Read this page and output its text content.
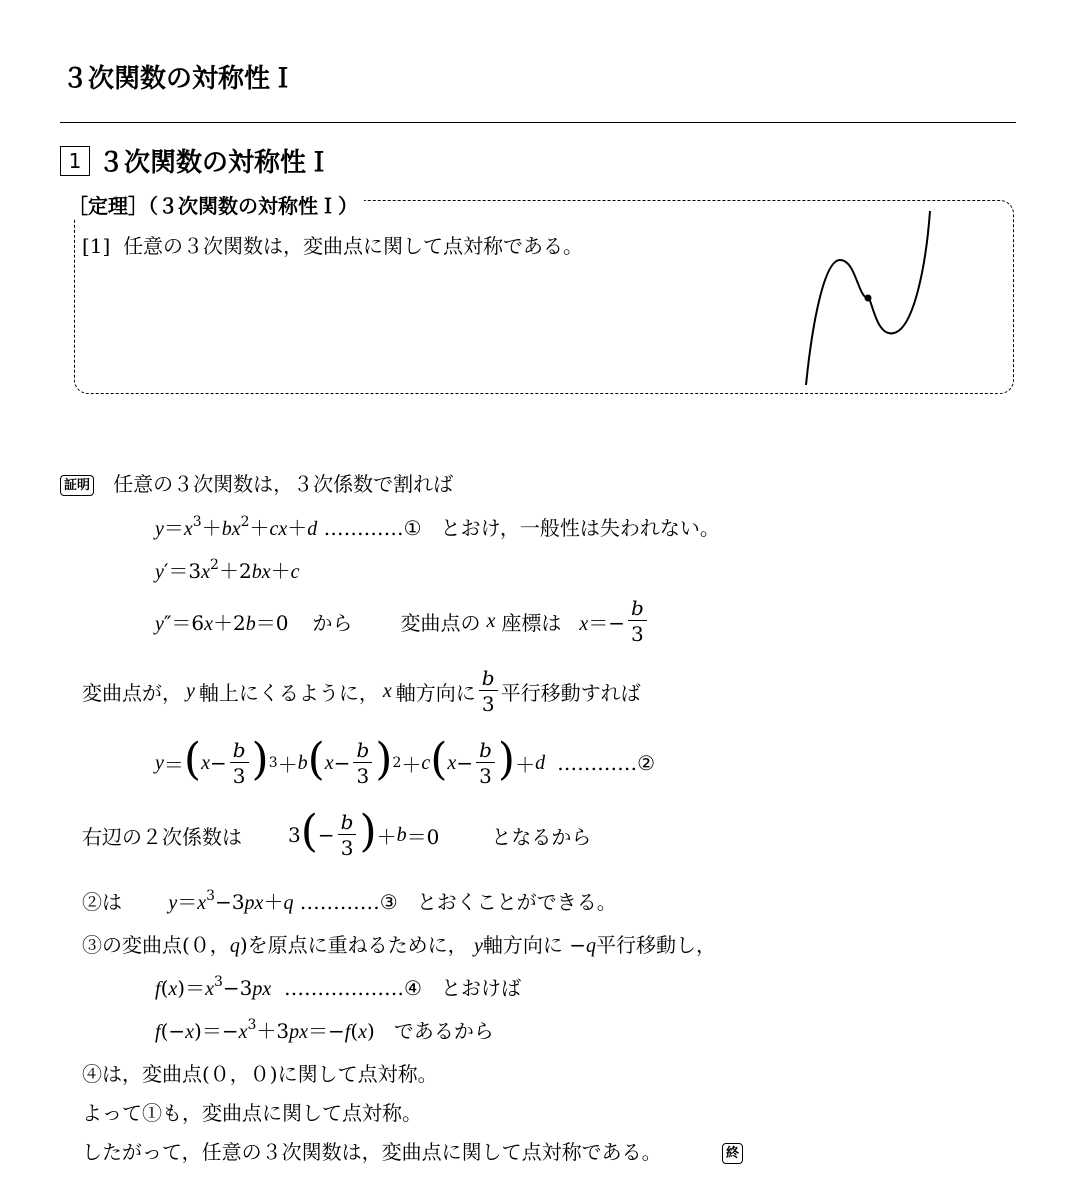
３次関数の対称性Ｉ
1 ３次関数の対称性Ｉ
［定理］（３次関数の対称性Ｉ）
[1] 任意の３次関数は，変曲点に関して点対称である。
証明 任意の３次関数は，３次係数で割れば
$y=x^3+bx^2+cx+d$ …………① とおけ，一般性は失われない。
$y'=3x^2+2bx+c$
y″＝6x＋2b＝0 から 変曲点の x 座標は $x=- \frac{b}{3}$
変曲点が， y 軸上にくるように， x 軸方向に $\frac{b}{3}$ 平行移動すれば
y ＝ ( $x - \frac{b}{3}$ ) 3 ＋ b ( $x - \frac{b}{3}$ ) 2 ＋ c ( $x - \frac{b}{3}$ ) ＋ d …………②
右辺の２次係数は 3 ( − $\frac{b}{3}$ ) ＋ b ＝0	となるから
②は $y=x^3-3px+q$ …………③ とおくことができる。
③の変曲点(０，q)を原点に重ねるために， y軸方向に −q平行移動し，
$f(x)=x^3-3px$ ………………④ とおけば
$f(-x)=-x^3+3px=-f(x)$   であるから
④は，変曲点(０，０)に関して点対称。
よって①も，変曲点に関して点対称。
したがって，任意の３次関数は，変曲点に関して点対称である。	終
